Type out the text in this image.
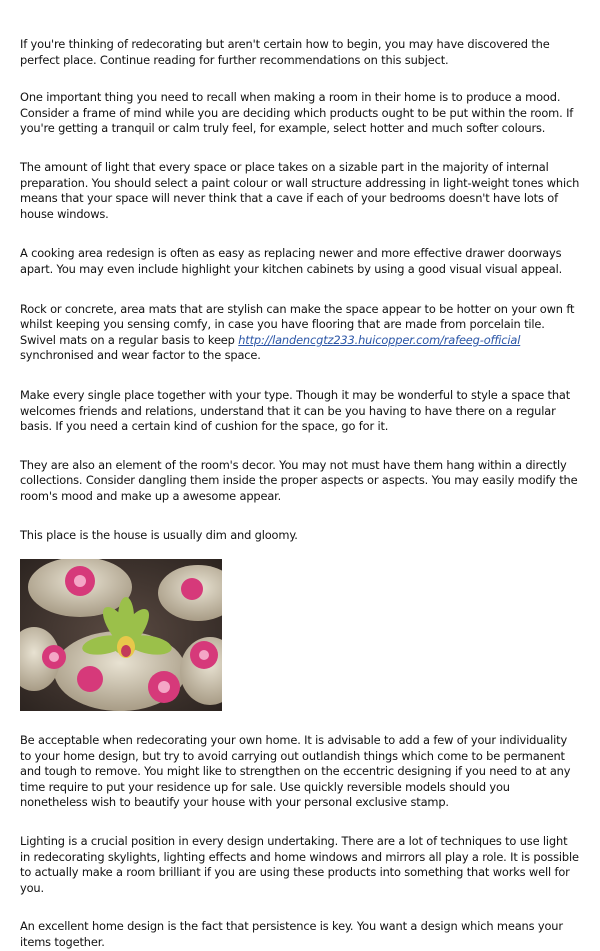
If you're thinking of redecorating but aren't certain how to begin, you may have discovered the perfect place. Continue reading for further recommendations on this subject.

One important thing you need to recall when making a room in their home is to produce a mood. Consider a frame of mind while you are deciding which products ought to be put within the room. If you're getting a tranquil or calm truly feel, for example, select hotter and much softer colours.

The amount of light that every space or place takes on a sizable part in the majority of internal preparation. You should select a paint colour or wall structure addressing in light-weight tones which means that your space will never think that a cave if each of your bedrooms doesn't have lots of house windows.

A cooking area redesign is often as easy as replacing newer and more effective drawer doorways apart. You may even include highlight your kitchen cabinets by using a good visual visual appeal.

Rock or concrete, area mats that are stylish can make the space appear to be hotter on your own ft whilst keeping you sensing comfy, in case you have flooring that are made from porcelain tile. Swivel mats on a regular basis to keep http://landencgtz233.huicopper.com/rafeeg-official synchronised and wear factor to the space.

Make every single place together with your type. Though it may be wonderful to style a space that welcomes friends and relations, understand that it can be you having to have there on a regular basis. If you need a certain kind of cushion for the space, go for it.

They are also an element of the room's decor. You may not must have them hang within a directly collections. Consider dangling them inside the proper aspects or aspects. You may easily modify the room's mood and make up a awesome appear.

This place is the house is usually dim and gloomy.

Be acceptable when redecorating your own home. It is advisable to add a few of your individuality to your home design, but try to avoid carrying out outlandish things which come to be permanent and tough to remove. You might like to strengthen on the eccentric designing if you need to at any time require to put your residence up for sale. Use quickly reversible models should you nonetheless wish to beautify your house with your personal exclusive stamp.

Lighting is a crucial position in every design undertaking. There are a lot of techniques to use light in redecorating skylights, lighting effects and home windows and mirrors all play a role. It is possible to actually make a room brilliant if you are using these products into something that works well for you.

An excellent home design is the fact that persistence is key. You want a design which means your items together.
